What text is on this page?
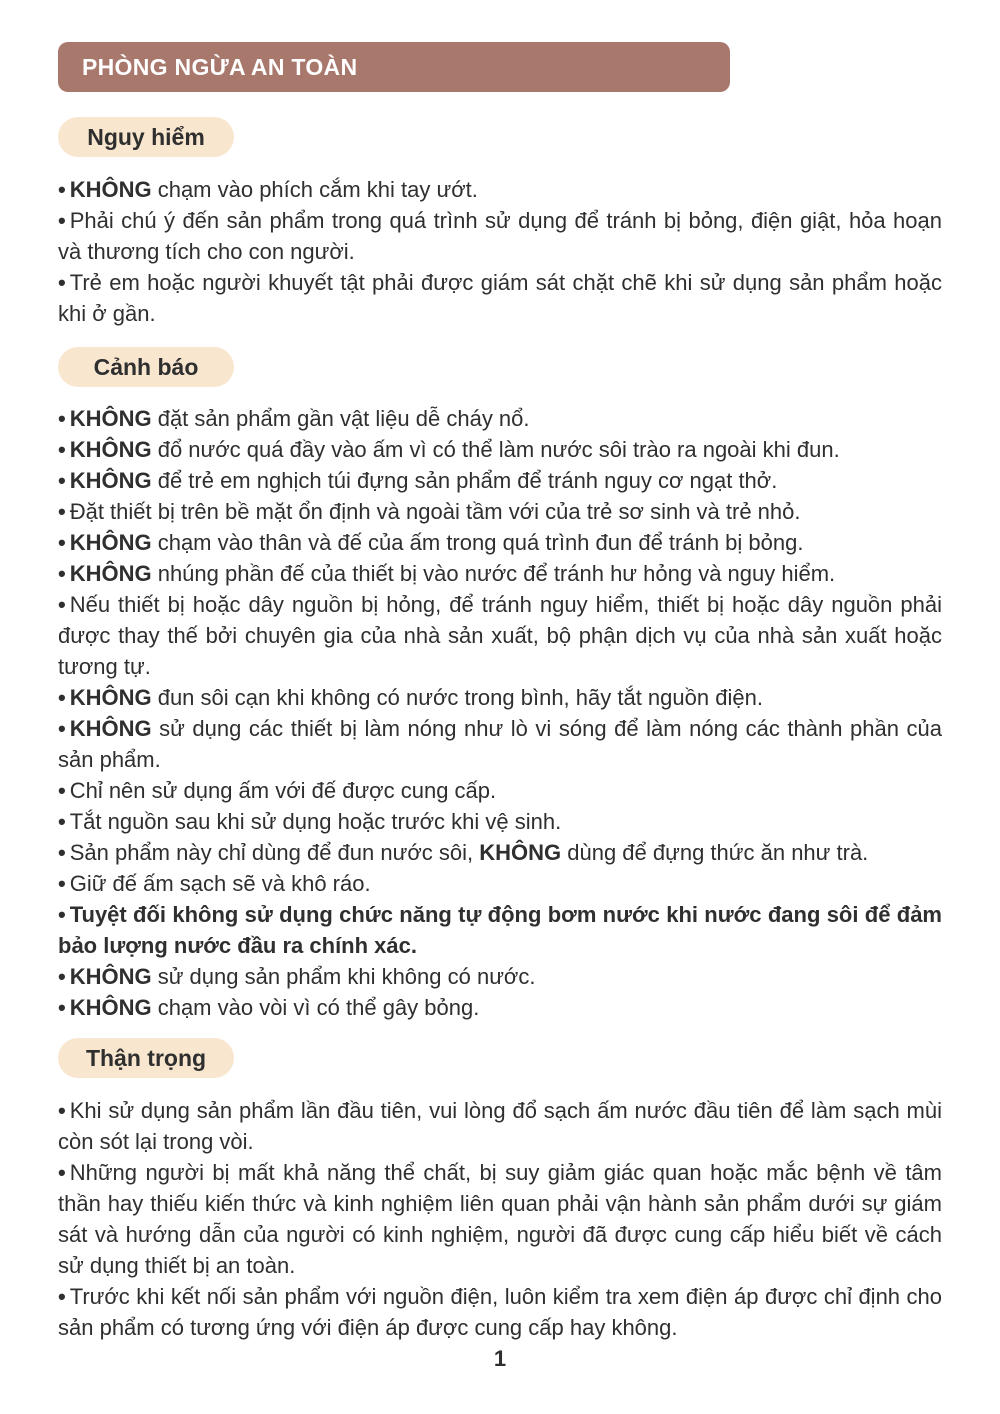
PHÒNG NGỪA AN TOÀN
Nguy hiểm

• KHÔNG chạm vào phích cắm khi tay ướt.

• Phải chú ý đến sản phẩm trong quá trình sử dụng để tránh bị bỏng, điện giật, hỏa hoạn và thương tích cho con người.

• Trẻ em hoặc người khuyết tật phải được giám sát chặt chẽ khi sử dụng sản phẩm hoặc khi ở gần.

Cảnh báo

• KHÔNG đặt sản phẩm gần vật liệu dễ cháy nổ.

• KHÔNG đổ nước quá đầy vào ấm vì có thể làm nước sôi trào ra ngoài khi đun.

• KHÔNG để trẻ em nghịch túi đựng sản phẩm để tránh nguy cơ ngạt thở.

• Đặt thiết bị trên bề mặt ổn định và ngoài tầm với của trẻ sơ sinh và trẻ nhỏ.

• KHÔNG chạm vào thân và đế của ấm trong quá trình đun để tránh bị bỏng.

• KHÔNG nhúng phần đế của thiết bị vào nước để tránh hư hỏng và nguy hiểm.

• Nếu thiết bị hoặc dây nguồn bị hỏng, để tránh nguy hiểm, thiết bị hoặc dây nguồn phải được thay thế bởi chuyên gia của nhà sản xuất, bộ phận dịch vụ của nhà sản xuất hoặc tương tự.

• KHÔNG đun sôi cạn khi không có nước trong bình, hãy tắt nguồn điện.

• KHÔNG sử dụng các thiết bị làm nóng như lò vi sóng để làm nóng các thành phần của sản phẩm.

• Chỉ nên sử dụng ấm với đế được cung cấp.

• Tắt nguồn sau khi sử dụng hoặc trước khi vệ sinh.

• Sản phẩm này chỉ dùng để đun nước sôi, KHÔNG dùng để đựng thức ăn như trà.

• Giữ đế ấm sạch sẽ và khô ráo.

• Tuyệt đối không sử dụng chức năng tự động bơm nước khi nước đang sôi để đảm bảo lượng nước đầu ra chính xác.

• KHÔNG sử dụng sản phẩm khi không có nước.

• KHÔNG chạm vào vòi vì có thể gây bỏng.

Thận trọng

• Khi sử dụng sản phẩm lần đầu tiên, vui lòng đổ sạch ấm nước đầu tiên để làm sạch mùi còn sót lại trong vòi.

• Những người bị mất khả năng thể chất, bị suy giảm giác quan hoặc mắc bệnh về tâm thần hay thiếu kiến thức và kinh nghiệm liên quan phải vận hành sản phẩm dưới sự giám sát và hướng dẫn của người có kinh nghiệm, người đã được cung cấp hiểu biết về cách sử dụng thiết bị an toàn.

• Trước khi kết nối sản phẩm với nguồn điện, luôn kiểm tra xem điện áp được chỉ định cho sản phẩm có tương ứng với điện áp được cung cấp hay không.

1
